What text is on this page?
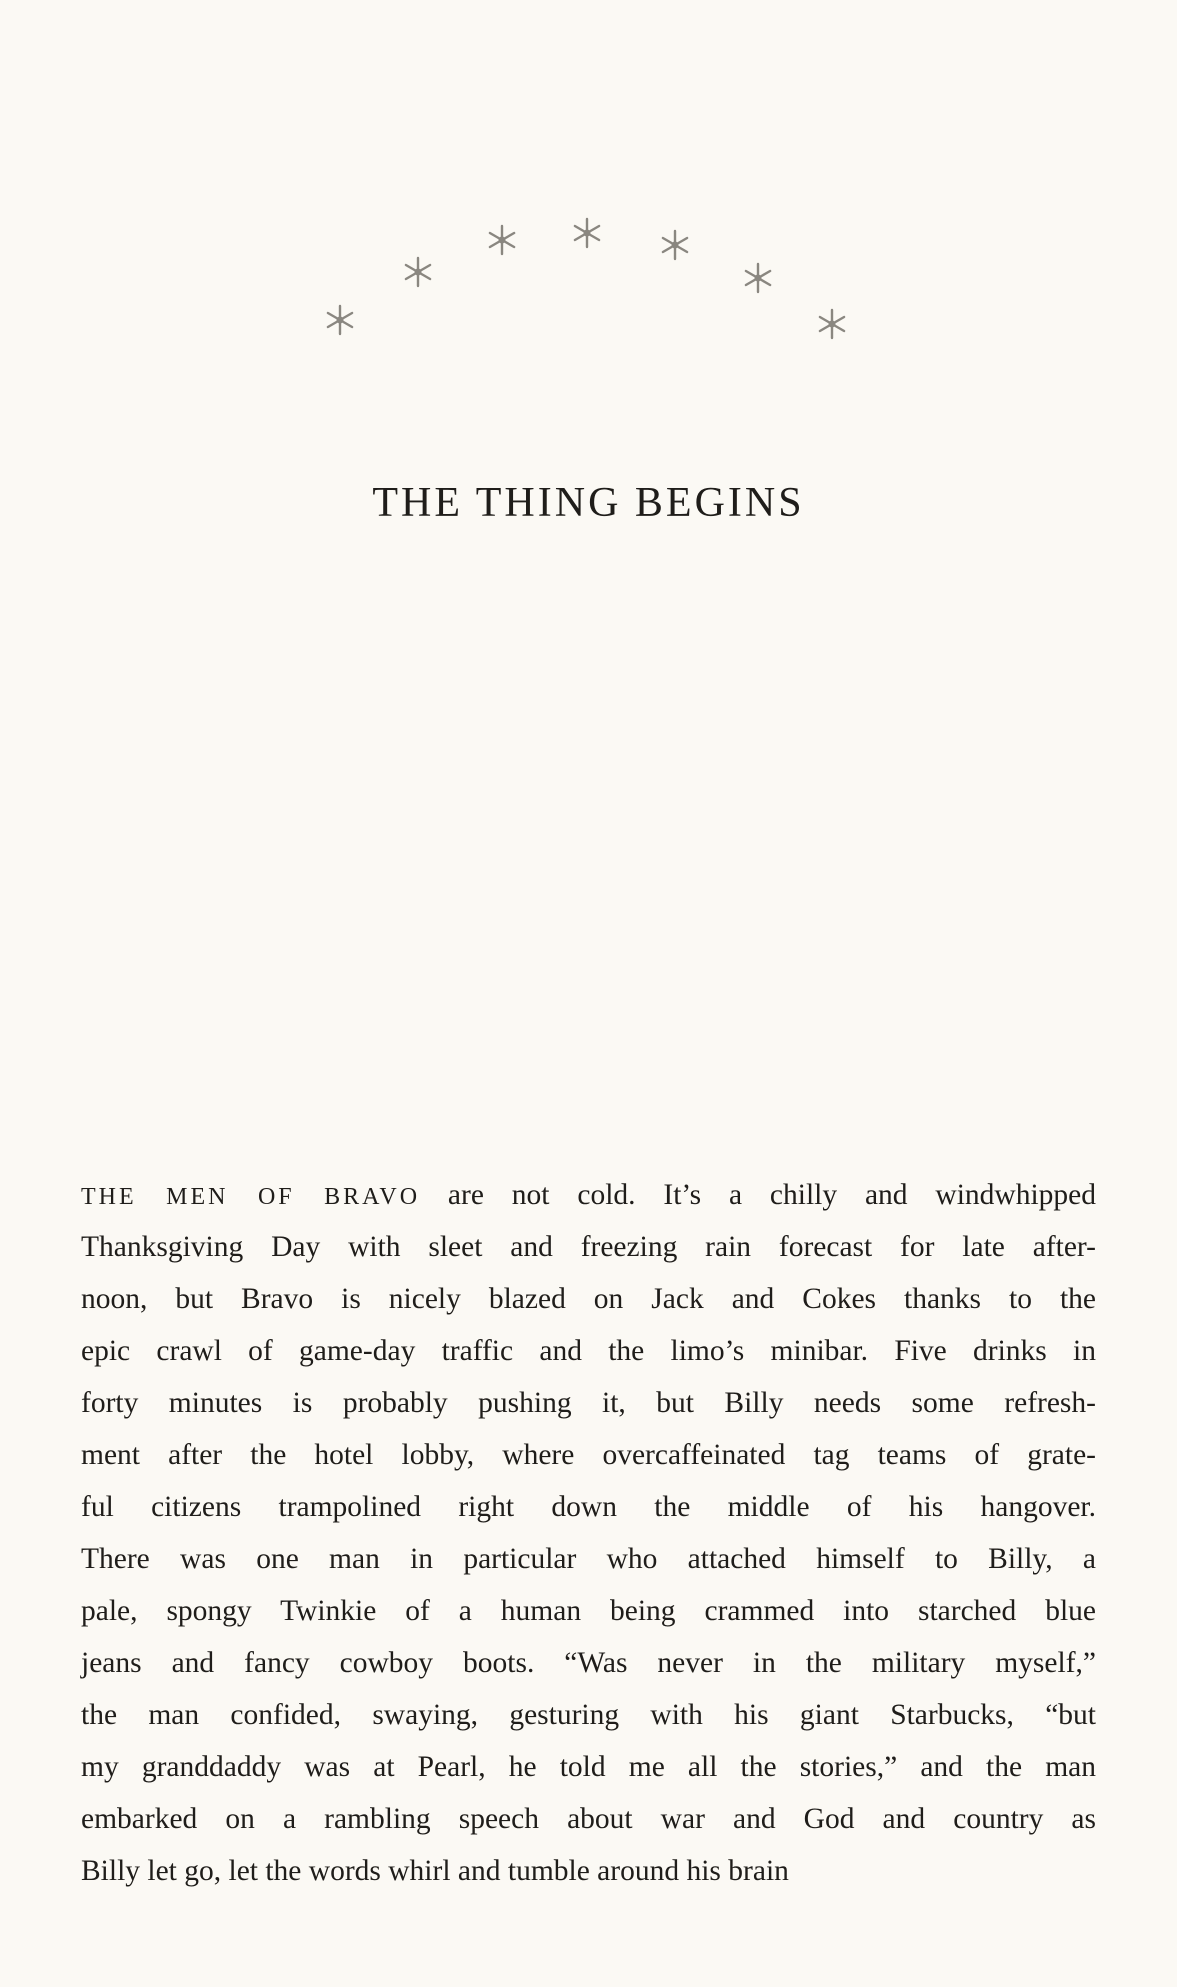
THE THING BEGINS
THE MEN OF BRAVO are not cold. It’s a chilly and windwhipped
Thanksgiving Day with sleet and freezing rain forecast for late after-
noon, but Bravo is nicely blazed on Jack and Cokes thanks to the
epic crawl of game-day traffic and the limo’s minibar. Five drinks in
forty minutes is probably pushing it, but Billy needs some refresh-
ment after the hotel lobby, where overcaffeinated tag teams of grate-
ful citizens trampolined right down the middle of his hangover.
There was one man in particular who attached himself to Billy, a
pale, spongy Twinkie of a human being crammed into starched blue
jeans and fancy cowboy boots. “Was never in the military myself,”
the man confided, swaying, gesturing with his giant Starbucks, “but
my granddaddy was at Pearl, he told me all the stories,” and the man
embarked on a rambling speech about war and God and country as
Billy let go, let the words whirl and tumble around his brain
